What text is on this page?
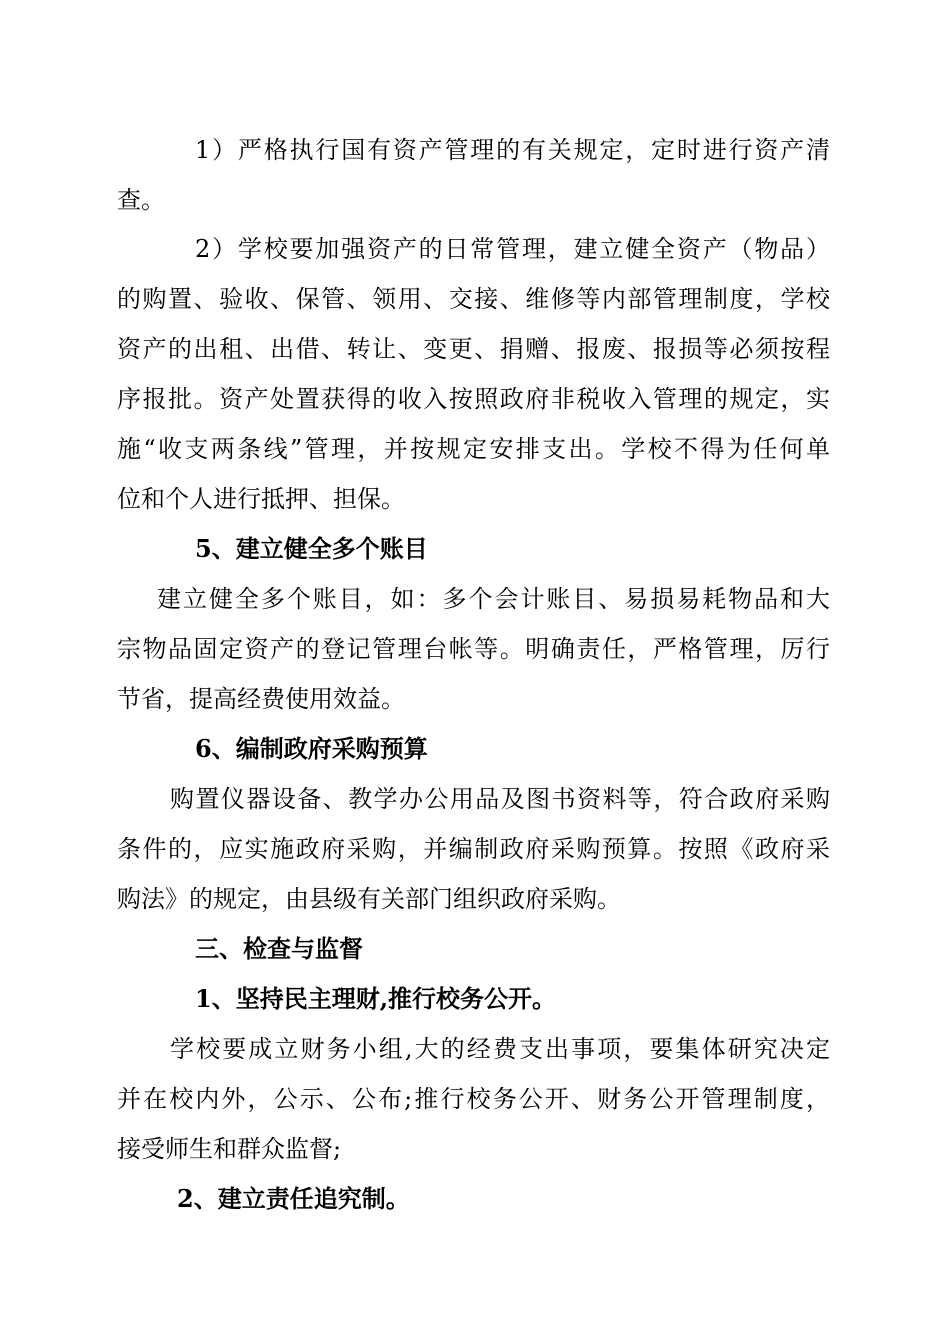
1）严格执行国有资产管理的有关规定，定时进行资产清
查。
2）学校要加强资产的日常管理，建立健全资产（物品）
的购置、验收、保管、领用、交接、维修等内部管理制度，学校
资产的出租、出借、转让、变更、捐赠、报废、报损等必须按程
序报批。资产处置获得的收入按照政府非税收入管理的规定，实
施“收支两条线”管理，并按规定安排支出。学校不得为任何单
位和个人进行抵押、担保。
5、建立健全多个账目
建立健全多个账目，如：多个会计账目、易损易耗物品和大
宗物品固定资产的登记管理台帐等。明确责任，严格管理，厉行
节省，提高经费使用效益。
6、编制政府采购预算
购置仪器设备、教学办公用品及图书资料等，符合政府采购
条件的，应实施政府采购，并编制政府采购预算。按照《政府采
购法》的规定，由县级有关部门组织政府采购。
三、检查与监督
1、坚持民主理财,推行校务公开。
学校要成立财务小组,大的经费支出事项，要集体研究决定
并在校内外，公示、公布;推行校务公开、财务公开管理制度，
接受师生和群众监督;
2、建立责任追究制。
